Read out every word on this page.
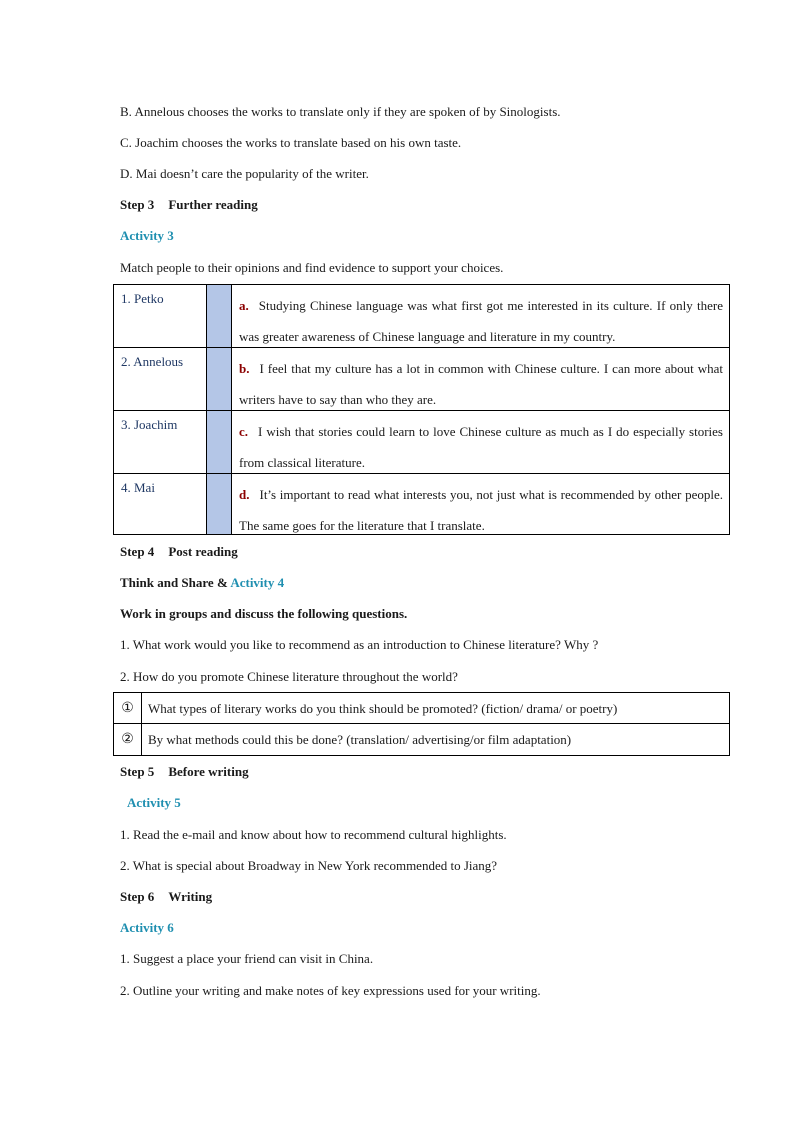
B. Annelous chooses the works to translate only if they are spoken of by Sinologists.
C. Joachim chooses the works to translate based on his own taste.
D. Mai doesn’t care the popularity of the writer.
Step 3 Further reading
Activity 3
Match people to their opinions and find evidence to support your choices.
1. Petko	a. Studying Chinese language was what first got me interested in its culture. If only there was greater awareness of Chinese language and literature in my country.
2. Annelous	b. I feel that my culture has a lot in common with Chinese culture. I can more about what writers have to say than who they are.
3. Joachim	c. I wish that stories could learn to love Chinese culture as much as I do especially stories from classical literature.
4. Mai	d. It’s important to read what interests you, not just what is recommended by other people. The same goes for the literature that I translate.
Step 4 Post reading
Think and Share & Activity 4
Work in groups and discuss the following questions.
1. What work would you like to recommend as an introduction to Chinese literature? Why ?
2. How do you promote Chinese literature throughout the world?
①	What types of literary works do you think should be promoted? (fiction/ drama/ or poetry)
②	By what methods could this be done? (translation/ advertising/or film adaptation)
Step 5 Before writing
Activity 5
1. Read the e-mail and know about how to recommend cultural highlights.
2. What is special about Broadway in New York recommended to Jiang?
Step 6 Writing
Activity 6
1. Suggest a place your friend can visit in China.
2. Outline your writing and make notes of key expressions used for your writing.
